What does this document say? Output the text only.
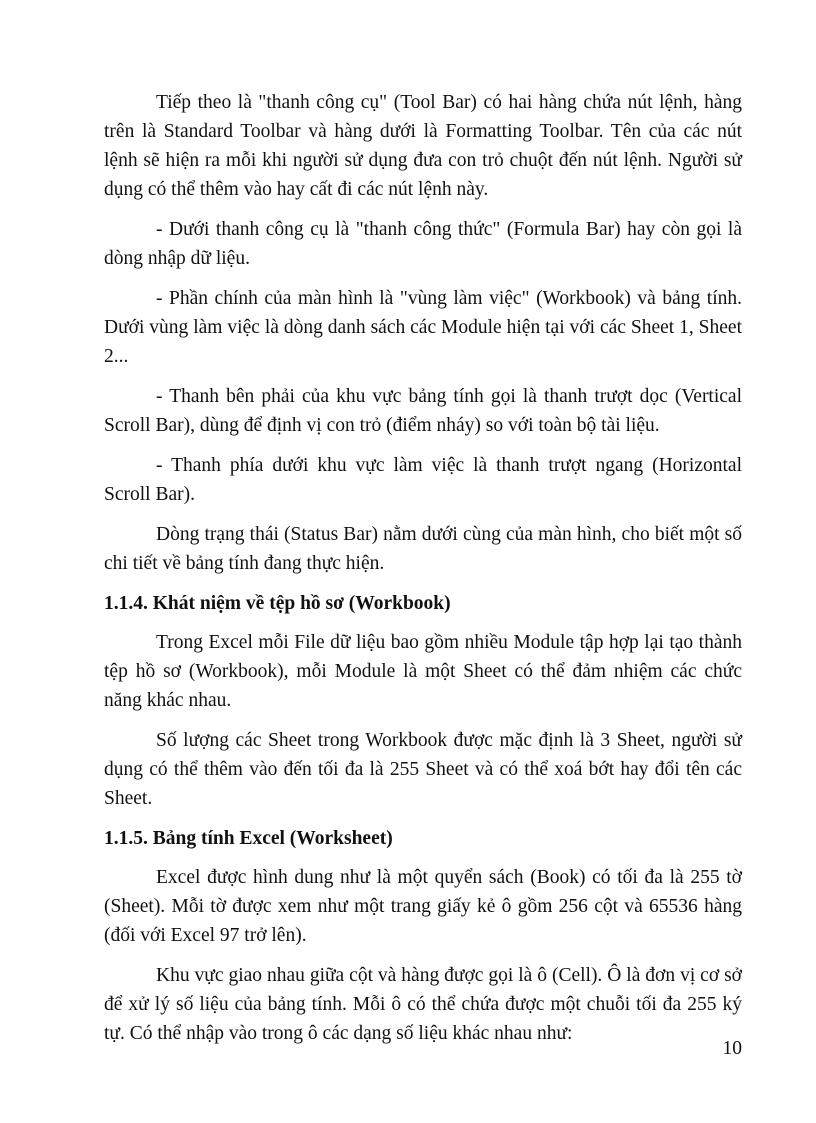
Tiếp theo là "thanh công cụ" (Tool Bar) có hai hàng chứa nút lệnh, hàng trên là Standard Toolbar và hàng dưới là Formatting Toolbar. Tên của các nút lệnh sẽ hiện ra mỗi khi người sử dụng đưa con trỏ chuột đến nút lệnh. Người sử dụng có thể thêm vào hay cất đi các nút lệnh này.

- Dưới thanh công cụ là "thanh công thức" (Formula Bar) hay còn gọi là dòng nhập dữ liệu.

- Phần chính của màn hình là "vùng làm việc" (Workbook) và bảng tính. Dưới vùng làm việc là dòng danh sách các Module hiện tại với các Sheet 1, Sheet 2...

- Thanh bên phải của khu vực bảng tính gọi là thanh trượt dọc (Vertical Scroll Bar), dùng để định vị con trỏ (điểm nháy) so với toàn bộ tài liệu.

- Thanh phía dưới khu vực làm việc là thanh trượt ngang (Horizontal Scroll Bar).

Dòng trạng thái (Status Bar) nằm dưới cùng của màn hình, cho biết một số chi tiết về bảng tính đang thực hiện.

1.1.4. Khát niệm về tệp hồ sơ (Workbook)

Trong Excel mỗi File dữ liệu bao gồm nhiều Module tập hợp lại tạo thành tệp hồ sơ (Workbook), mỗi Module là một Sheet có thể đảm nhiệm các chức năng khác nhau.

Số lượng các Sheet trong Workbook được mặc định là 3 Sheet, người sử dụng có thể thêm vào đến tối đa là 255 Sheet và có thể xoá bớt hay đổi tên các Sheet.

1.1.5. Bảng tính Excel (Worksheet)

Excel được hình dung như là một quyển sách (Book) có tối đa là 255 tờ (Sheet). Mỗi tờ được xem như một trang giấy kẻ ô gồm 256 cột và 65536 hàng (đối với Excel 97 trở lên).

Khu vực giao nhau giữa cột và hàng được gọi là ô (Cell). Ô là đơn vị cơ sở để xử lý số liệu của bảng tính. Mỗi ô có thể chứa được một chuỗi tối đa 255 ký tự. Có thể nhập vào trong ô các dạng số liệu khác nhau như:

10
